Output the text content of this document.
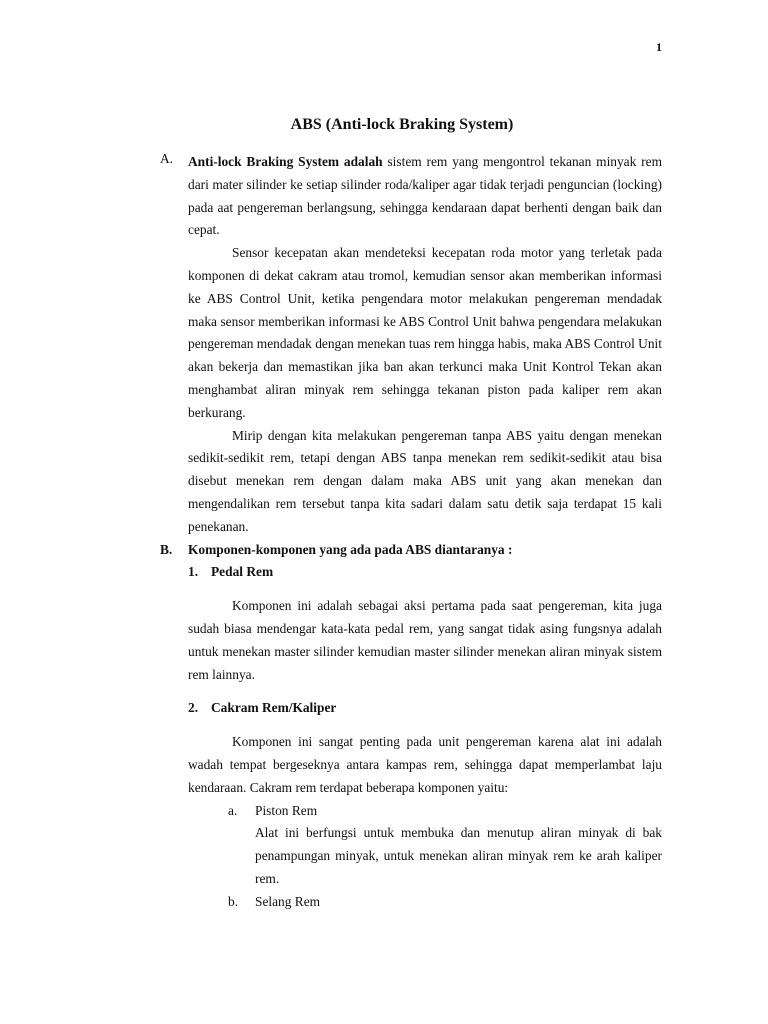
1
ABS (Anti-lock Braking System)
A.	Anti-lock Braking System adalah sistem rem yang mengontrol tekanan minyak rem dari mater silinder ke setiap silinder roda/kaliper agar tidak terjadi penguncian (locking) pada aat pengereman berlangsung, sehingga kendaraan dapat berhenti dengan baik dan cepat.

Sensor kecepatan akan mendeteksi kecepatan roda motor yang terletak pada komponen di dekat cakram atau tromol, kemudian sensor akan memberikan informasi ke ABS Control Unit, ketika pengendara motor melakukan pengereman mendadak maka sensor memberikan informasi ke ABS Control Unit bahwa pengendara melakukan pengereman mendadak dengan menekan tuas rem hingga habis, maka ABS Control Unit akan bekerja dan memastikan jika ban akan terkunci maka Unit Kontrol Tekan akan menghambat aliran minyak rem sehingga tekanan piston pada kaliper rem akan berkurang.

Mirip dengan kita melakukan pengereman tanpa ABS yaitu dengan menekan sedikit-sedikit rem, tetapi dengan ABS tanpa menekan rem sedikit-sedikit atau bisa disebut menekan rem dengan dalam maka ABS unit yang akan menekan dan mengendalikan rem tersebut tanpa kita sadari dalam satu detik saja terdapat 15 kali penekanan.

B.	Komponen-komponen yang ada pada ABS diantaranya :
1. Pedal Rem

Komponen ini adalah sebagai aksi pertama pada saat pengereman, kita juga sudah biasa mendengar kata-kata pedal rem, yang sangat tidak asing fungsnya adalah untuk menekan master silinder kemudian master silinder menekan aliran minyak sistem rem lainnya.

2. Cakram Rem/Kaliper

Komponen ini sangat penting pada unit pengereman karena alat ini adalah wadah tempat bergeseknya antara kampas rem, sehingga dapat memperlambat laju kendaraan. Cakram rem terdapat beberapa komponen yaitu:

a.	Piston Rem

Alat ini berfungsi untuk membuka dan menutup aliran minyak di bak penampungan minyak, untuk menekan aliran minyak rem ke arah kaliper rem.

b.	Selang Rem
